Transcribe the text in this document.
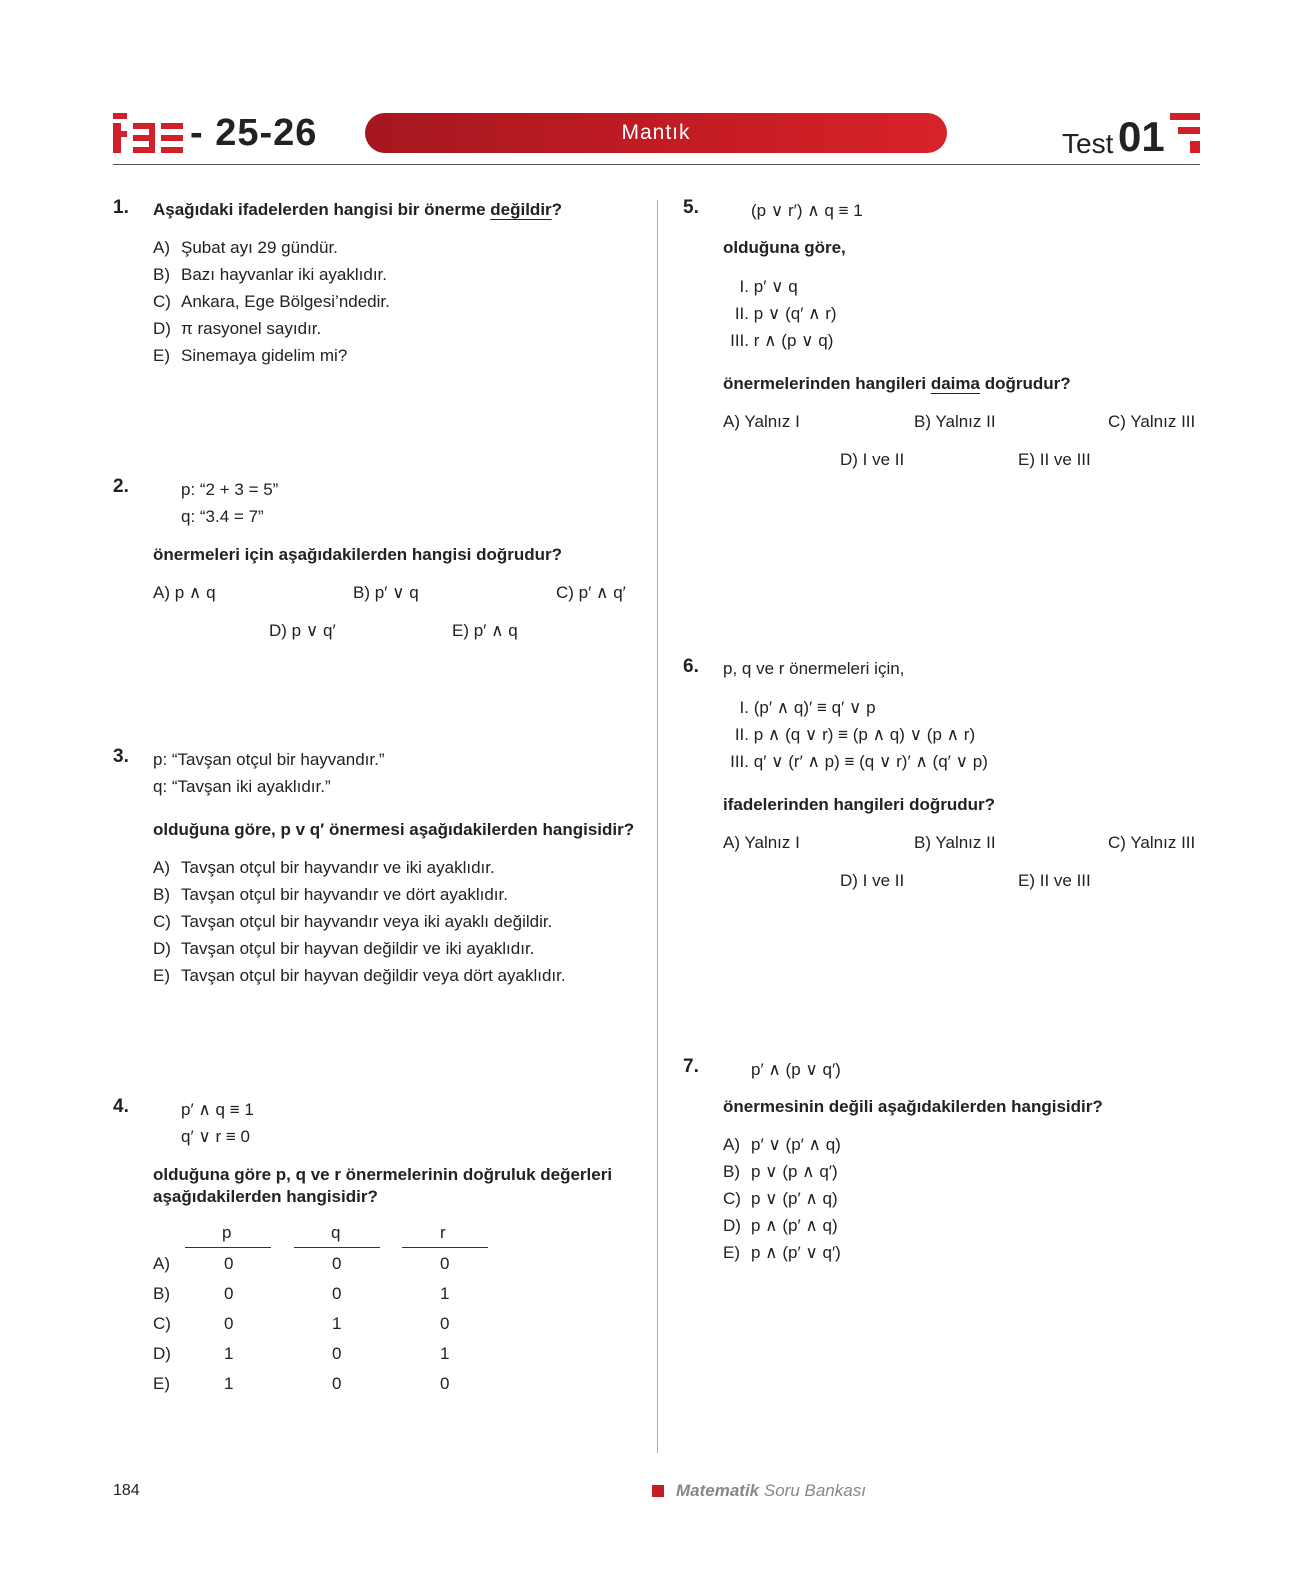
- 25-26	Mantık	Test 01
1. Aşağıdaki ifadelerden hangisi bir önerme değildir?
A) Şubat ayı 29 gündür.
B) Bazı hayvanlar iki ayaklıdır.
C) Ankara, Ege Bölgesi’ndedir.
D) π rasyonel sayıdır.
E) Sinemaya gidelim mi?
2.	p: “2 + 3 = 5”
q: “3.4 = 7”
önermeleri için aşağıdakilerden hangisi doğrudur?
A) p ∧ q	B) p′ ∨ q	C) p′ ∧ q′
D) p ∨ q′	E) p′ ∧ q
3. p: “Tavşan otçul bir hayvandır.”
q: “Tavşan iki ayaklıdır.”
olduğuna göre, p v q′ önermesi aşağıdakilerden hangisidir?
A) Tavşan otçul bir hayvandır ve iki ayaklıdır.
B) Tavşan otçul bir hayvandır ve dört ayaklıdır.
C) Tavşan otçul bir hayvandır veya iki ayaklı değildir.
D) Tavşan otçul bir hayvan değildir ve iki ayaklıdır.
E) Tavşan otçul bir hayvan değildir veya dört ayaklıdır.
4.	p′ ∧ q ≡ 1
q′ ∨ r ≡ 0
olduğuna göre p, q ve r önermelerinin doğruluk değerleri
aşağıdakilerden hangisidir?
p	q	r
A)	0	0	0
B)	0	0	1
C)	0	1	0
D)	1	0	1
E)	1	0	0
5.	(p ∨ r′) ∧ q ≡ 1
olduğuna göre,
I. p′ ∨ q
II. p ∨ (q′ ∧ r)
III. r ∧ (p ∨ q)
önermelerinden hangileri daima doğrudur?
A) Yalnız I	B) Yalnız II	C) Yalnız III
D) I ve II	E) II ve III
6. p, q ve r önermeleri için,
I. (p′ ∧ q)′ ≡ q′ ∨ p
II. p ∧ (q ∨ r) ≡ (p ∧ q) ∨ (p ∧ r)
III. q′ ∨ (r′ ∧ p) ≡ (q ∨ r)′ ∧ (q′ ∨ p)
ifadelerinden hangileri doğrudur?
A) Yalnız I	B) Yalnız II	C) Yalnız III
D) I ve II	E) II ve III
7.	p′ ∧ (p ∨ q′)
önermesinin değili aşağıdakilerden hangisidir?
A) p′ ∨ (p′ ∧ q)
B) p ∨ (p ∧ q′)
C) p ∨ (p′ ∧ q)
D) p ∧ (p′ ∧ q)
E) p ∧ (p′ ∨ q′)
184	Matematik Soru Bankası
